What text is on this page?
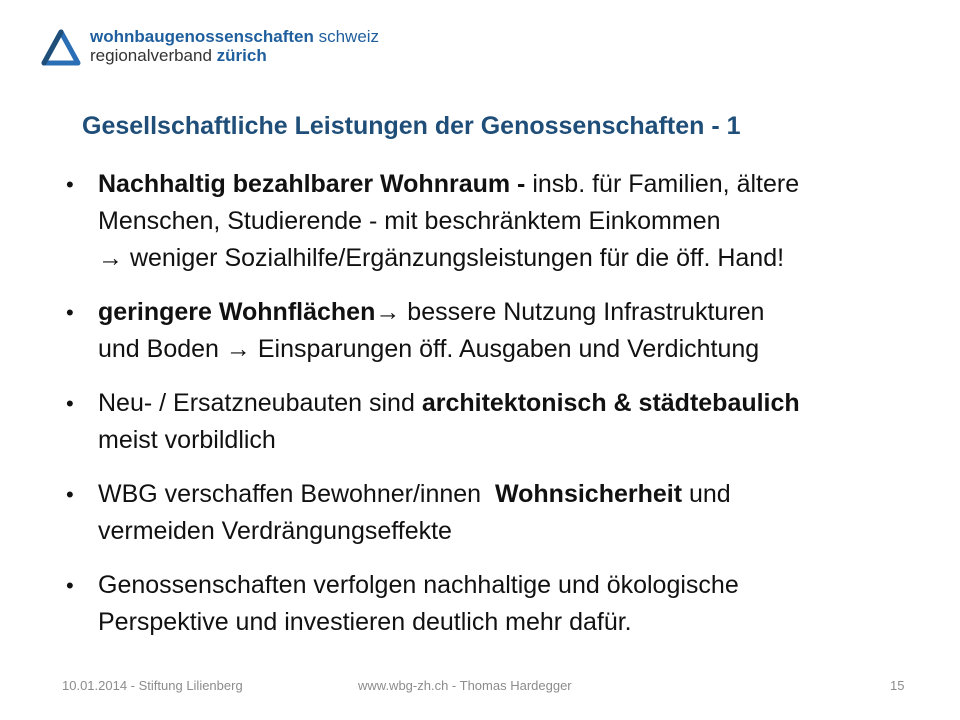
wohnbaugenossenschaften schweiz
regionalverband zürich
Gesellschaftliche Leistungen der Genossenschaften - 1
• Nachhaltig bezahlbarer Wohnraum - insb. für Familien, ältere
Menschen, Studierende - mit beschränktem Einkommen
→ weniger Sozialhilfe/Ergänzungsleistungen für die öff. Hand!
• geringere Wohnflächen→ bessere Nutzung Infrastrukturen
und Boden → Einsparungen öff. Ausgaben und Verdichtung
• Neu- / Ersatzneubauten sind architektonisch & städtebaulich
meist vorbildlich
• WBG verschaffen Bewohner/innen  Wohnsicherheit und
vermeiden Verdrängungseffekte
• Genossenschaften verfolgen nachhaltige und ökologische
Perspektive und investieren deutlich mehr dafür.
10.01.2014 - Stiftung Lilienberg	www.wbg-zh.ch - Thomas Hardegger	15
